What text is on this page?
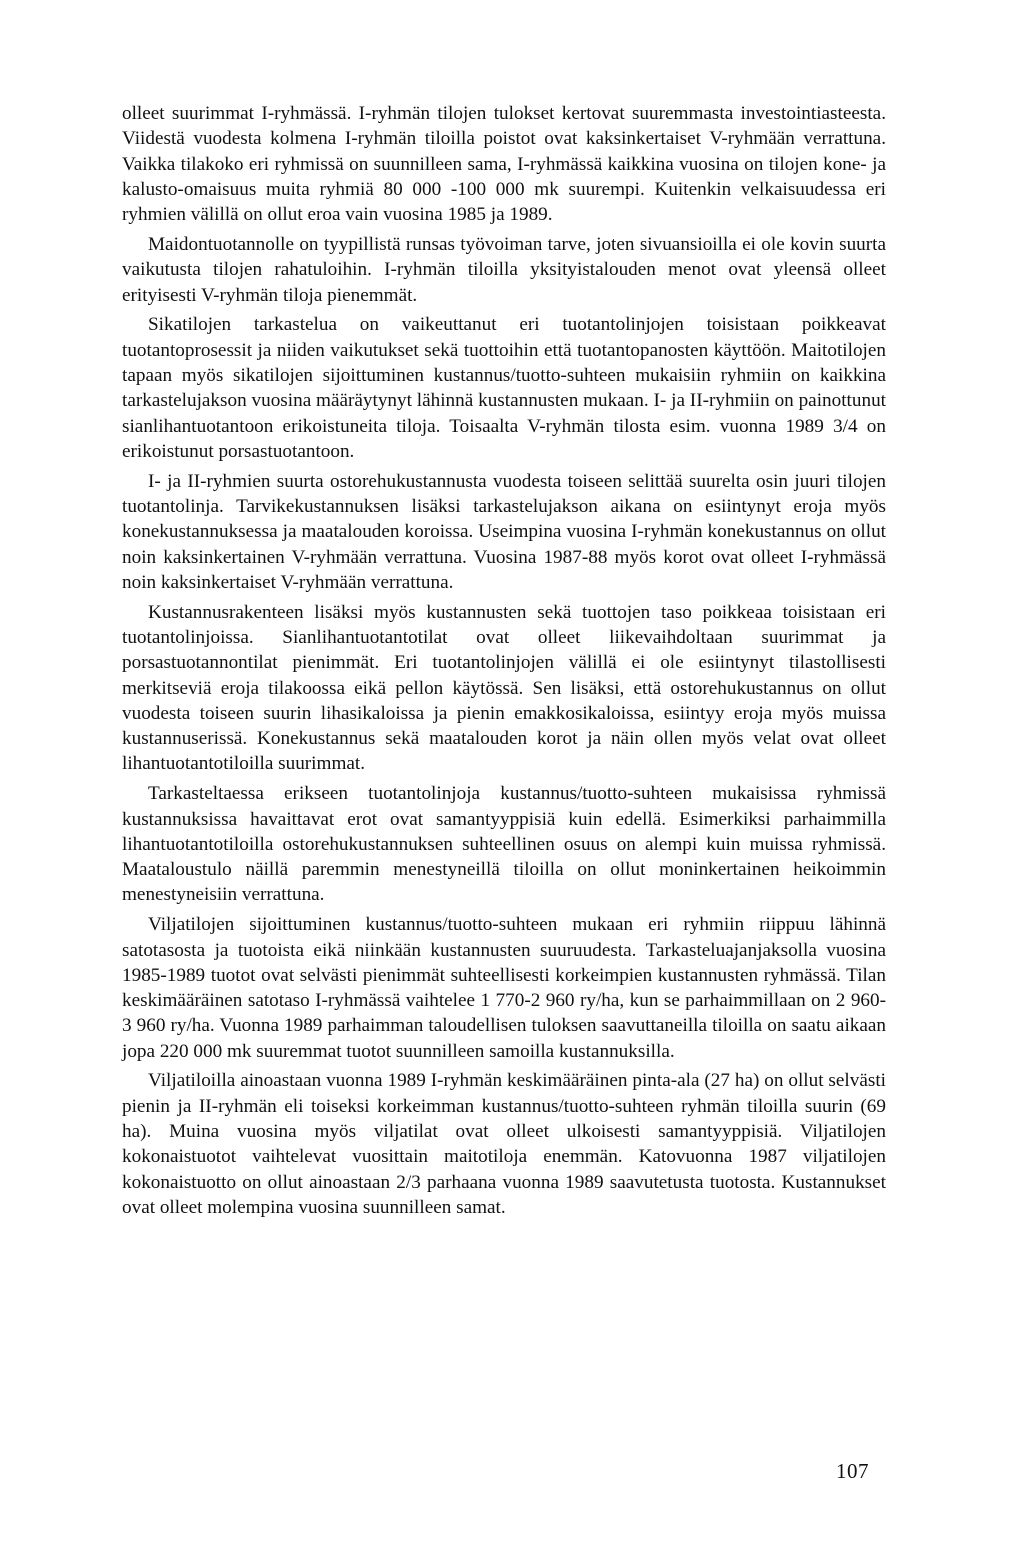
olleet suurimmat I-ryhmässä. I-ryhmän tilojen tulokset kertovat suuremmasta investointiasteesta. Viidestä vuodesta kolmena I-ryhmän tiloilla poistot ovat kaksinkertaiset V-ryhmään verrattuna. Vaikka tilakoko eri ryhmissä on suunnilleen sama, I-ryhmässä kaikkina vuosina on tilojen kone- ja kalusto-omaisuus muita ryhmiä 80 000 -100 000 mk suurempi. Kuitenkin velkaisuudessa eri ryhmien välillä on ollut eroa vain vuosina 1985 ja 1989.

Maidontuotannolle on tyypillistä runsas työvoiman tarve, joten sivuansioilla ei ole kovin suurta vaikutusta tilojen rahatuloihin. I-ryhmän tiloilla yksityistalouden menot ovat yleensä olleet erityisesti V-ryhmän tiloja pienemmät.

Sikatilojen tarkastelua on vaikeuttanut eri tuotantolinjojen toisistaan poikkeavat tuotantoprosessit ja niiden vaikutukset sekä tuottoihin että tuotantopanosten käyttöön. Maitotilojen tapaan myös sikatilojen sijoittuminen kustannus/tuotto-suhteen mukaisiin ryhmiin on kaikkina tarkastelujakson vuosina määräytynyt lähinnä kustannusten mukaan. I- ja II-ryhmiin on painottunut sianlihantuotantoon erikoistuneita tiloja. Toisaalta V-ryhmän tilosta esim. vuonna 1989 3/4 on erikoistunut porsastuotantoon.

I- ja II-ryhmien suurta ostorehukustannusta vuodesta toiseen selittää suurelta osin juuri tilojen tuotantolinja. Tarvikekustannuksen lisäksi tarkastelujakson aikana on esiintynyt eroja myös konekustannuksessa ja maatalouden koroissa. Useimpina vuosina I-ryhmän konekustannus on ollut noin kaksinkertainen V-ryhmään verrattuna. Vuosina 1987-88 myös korot ovat olleet I-ryhmässä noin kaksinkertaiset V-ryhmään verrattuna.

Kustannusrakenteen lisäksi myös kustannusten sekä tuottojen taso poikkeaa toisistaan eri tuotantolinjoissa. Sianlihantuotantotilat ovat olleet liikevaihdoltaan suurimmat ja porsastuotannontilat pienimmät. Eri tuotantolinjojen välillä ei ole esiintynyt tilastollisesti merkitseviä eroja tilakoossa eikä pellon käytössä. Sen lisäksi, että ostorehukustannus on ollut vuodesta toiseen suurin lihasikaloissa ja pienin emakkosikaloissa, esiintyy eroja myös muissa kustannuserissä. Konekustannus sekä maatalouden korot ja näin ollen myös velat ovat olleet lihantuotantotiloilla suurimmat.

Tarkasteltaessa erikseen tuotantolinjoja kustannus/tuotto-suhteen mukaisissa ryhmissä kustannuksissa havaittavat erot ovat samantyyppisiä kuin edellä. Esimerkiksi parhaimmilla lihantuotantotiloilla ostorehukustannuksen suhteellinen osuus on alempi kuin muissa ryhmissä. Maataloustulo näillä paremmin menestyneillä tiloilla on ollut moninkertainen heikoimmin menestyneisiin verrattuna.

Viljatilojen sijoittuminen kustannus/tuotto-suhteen mukaan eri ryhmiin riippuu lähinnä satotasosta ja tuotoista eikä niinkään kustannusten suuruudesta. Tarkasteluajanjaksolla vuosina 1985-1989 tuotot ovat selvästi pienimmät suhteellisesti korkeimpien kustannusten ryhmässä. Tilan keskimääräinen satotaso I-ryhmässä vaihtelee 1 770-2 960 ry/ha, kun se parhaimmillaan on 2 960-3 960 ry/ha. Vuonna 1989 parhaimman taloudellisen tuloksen saavuttaneilla tiloilla on saatu aikaan jopa 220 000 mk suuremmat tuotot suunnilleen samoilla kustannuksilla.

Viljatiloilla ainoastaan vuonna 1989 I-ryhmän keskimääräinen pinta-ala (27 ha) on ollut selvästi pienin ja II-ryhmän eli toiseksi korkeimman kustannus/tuotto-suhteen ryhmän tiloilla suurin (69 ha). Muina vuosina myös viljatilat ovat olleet ulkoisesti samantyyppisiä. Viljatilojen kokonaistuotot vaihtelevat vuosittain maitotiloja enemmän. Katovuonna 1987 viljatilojen kokonaistuotto on ollut ainoastaan 2/3 parhaana vuonna 1989 saavutetusta tuotosta. Kustannukset ovat olleet molempina vuosina suunnilleen samat.

107
